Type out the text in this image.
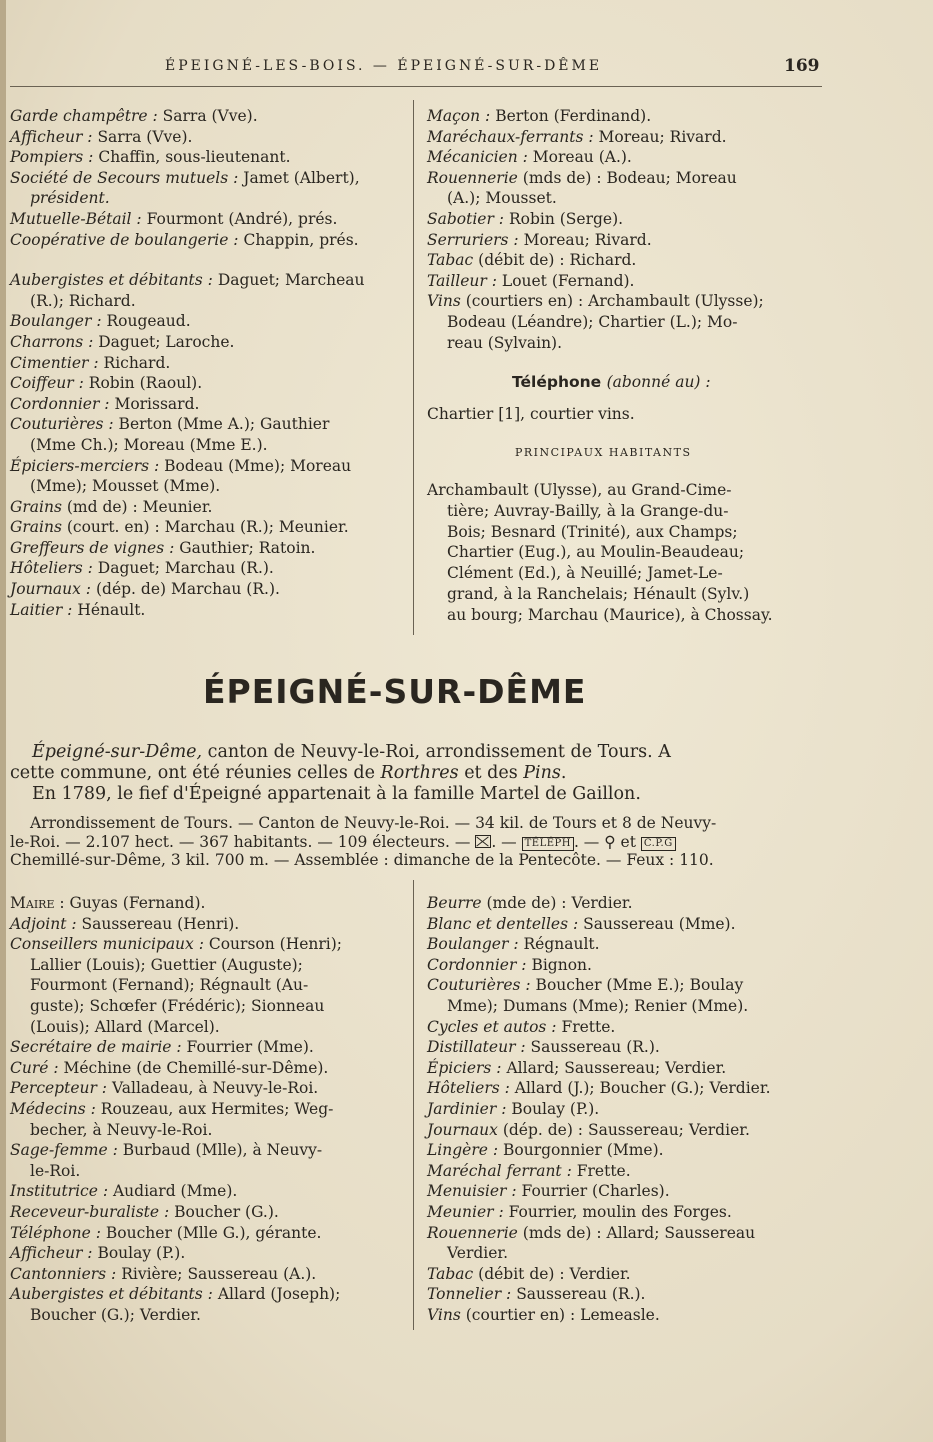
ÉPEIGNÉ-LES-BOIS. — ÉPEIGNÉ-SUR-DÊME	169
Garde champêtre : Sarra (Vve).
Afficheur : Sarra (Vve).
Pompiers : Chaffin, sous-lieutenant.
Société de Secours mutuels : Jamet (Albert),
président.
Mutuelle-Bétail : Fourmont (André), prés.
Coopérative de boulangerie : Chappin, prés.
Aubergistes et débitants : Daguet; Marcheau
(R.); Richard.
Boulanger : Rougeaud.
Charrons : Daguet; Laroche.
Cimentier : Richard.
Coiffeur : Robin (Raoul).
Cordonnier : Morissard.
Couturières : Berton (Mme A.); Gauthier
(Mme Ch.); Moreau (Mme E.).
Épiciers-merciers : Bodeau (Mme); Moreau
(Mme); Mousset (Mme).
Grains (md de) : Meunier.
Grains (court. en) : Marchau (R.); Meunier.
Greffeurs de vignes : Gauthier; Ratoin.
Hôteliers : Daguet; Marchau (R.).
Journaux : (dép. de) Marchau (R.).
Laitier : Hénault.
Maçon : Berton (Ferdinand).
Maréchaux-ferrants : Moreau; Rivard.
Mécanicien : Moreau (A.).
Rouennerie (mds de) : Bodeau; Moreau
(A.); Mousset.
Sabotier : Robin (Serge).
Serruriers : Moreau; Rivard.
Tabac (débit de) : Richard.
Tailleur : Louet (Fernand).
Vins (courtiers en) : Archambault (Ulysse);
Bodeau (Léandre); Chartier (L.); Mo-
reau (Sylvain).
Téléphone (abonné au) :
Chartier [1], courtier vins.
PRINCIPAUX HABITANTS
Archambault (Ulysse), au Grand-Cime-
tière; Auvray-Bailly, à la Grange-du-
Bois; Besnard (Trinité), aux Champs;
Chartier (Eug.), au Moulin-Beaudeau;
Clément (Ed.), à Neuillé; Jamet-Le-
grand, à la Ranchelais; Hénault (Sylv.)
au bourg; Marchau (Maurice), à Chossay.
ÉPEIGNÉ-SUR-DÊME
Épeigné-sur-Dême, canton de Neuvy-le-Roi, arrondissement de Tours. A
cette commune, ont été réunies celles de Rorthres et des Pins.
En 1789, le fief d'Épeigné appartenait à la famille Martel de Gaillon.
Arrondissement de Tours. — Canton de Neuvy-le-Roi. — 34 kil. de Tours et 8 de Neuvy-
le-Roi. — 2.107 hect. — 367 habitants. — 109 électeurs. — . — TÉLÉPH . — ⚲ et C.P.G
Chemillé-sur-Dême, 3 kil. 700 m. — Assemblée : dimanche de la Pentecôte. — Feux : 110.
Maire : Guyas (Fernand).
Adjoint : Saussereau (Henri).
Conseillers municipaux : Courson (Henri);
Lallier (Louis); Guettier (Auguste);
Fourmont (Fernand); Régnault (Au-
guste); Schœfer (Frédéric); Sionneau
(Louis); Allard (Marcel).
Secrétaire de mairie : Fourrier (Mme).
Curé : Méchine (de Chemillé-sur-Dême).
Percepteur : Valladeau, à Neuvy-le-Roi.
Médecins : Rouzeau, aux Hermites; Weg-
becher, à Neuvy-le-Roi.
Sage-femme : Burbaud (Mlle), à Neuvy-
le-Roi.
Institutrice : Audiard (Mme).
Receveur-buraliste : Boucher (G.).
Téléphone : Boucher (Mlle G.), gérante.
Afficheur : Boulay (P.).
Cantonniers : Rivière; Saussereau (A.).
Aubergistes et débitants : Allard (Joseph);
Boucher (G.); Verdier.
Beurre (mde de) : Verdier.
Blanc et dentelles : Saussereau (Mme).
Boulanger : Régnault.
Cordonnier : Bignon.
Couturières : Boucher (Mme E.); Boulay
Mme); Dumans (Mme); Renier (Mme).
Cycles et autos : Frette.
Distillateur : Saussereau (R.).
Épiciers : Allard; Saussereau; Verdier.
Hôteliers : Allard (J.); Boucher (G.); Verdier.
Jardinier : Boulay (P.).
Journaux (dép. de) : Saussereau; Verdier.
Lingère : Bourgonnier (Mme).
Maréchal ferrant : Frette.
Menuisier : Fourrier (Charles).
Meunier : Fourrier, moulin des Forges.
Rouennerie (mds de) : Allard; Saussereau
Verdier.
Tabac (débit de) : Verdier.
Tonnelier : Saussereau (R.).
Vins (courtier en) : Lemeasle.
